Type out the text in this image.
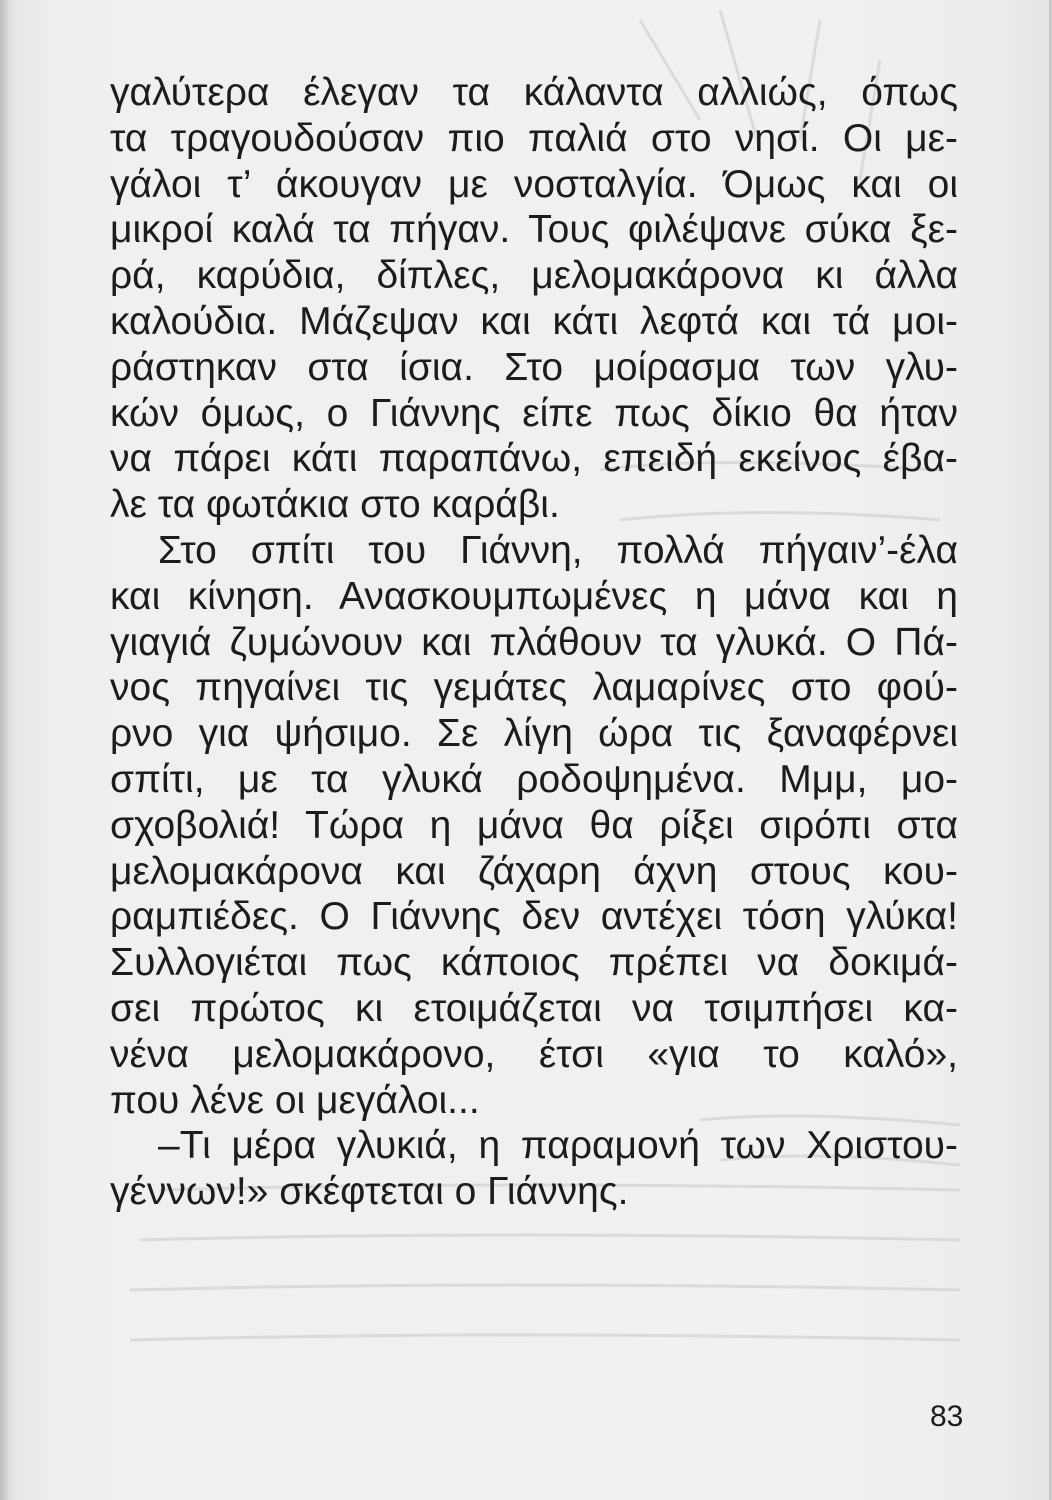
γαλύτερα έλεγαν τα κάλαντα αλλιώς, όπως
τα τραγουδούσαν πιο παλιά στο νησί. Οι με-
γάλοι τ’ άκουγαν με νοσταλγία. Όμως και οι
μικροί καλά τα πήγαν. Τους φιλέψανε σύκα ξε-
ρά, καρύδια, δίπλες, μελομακάρονα κι άλλα
καλούδια. Μάζεψαν και κάτι λεφτά και τά μοι-
ράστηκαν στα ίσια. Στο μοίρασμα των γλυ-
κών όμως, ο Γιάννης είπε πως δίκιο θα ήταν
να πάρει κάτι παραπάνω, επειδή εκείνος έβα-
λε τα φωτάκια στο καράβι.
Στο σπίτι του Γιάννη, πολλά πήγαιν’-έλα
και κίνηση. Ανασκουμπωμένες η μάνα και η
γιαγιά ζυμώνουν και πλάθουν τα γλυκά. Ο Πά-
νος πηγαίνει τις γεμάτες λαμαρίνες στο φού-
ρνο για ψήσιμο. Σε λίγη ώρα τις ξαναφέρνει
σπίτι, με τα γλυκά ροδοψημένα. Μμμ, μο-
σχοβολιά! Τώρα η μάνα θα ρίξει σιρόπι στα
μελομακάρονα και ζάχαρη άχνη στους κου-
ραμπιέδες. Ο Γιάννης δεν αντέχει τόση γλύκα!
Συλλογιέται πως κάποιος πρέπει να δοκιμά-
σει πρώτος κι ετοιμάζεται να τσιμπήσει κα-
νένα μελομακάρονο, έτσι «για το καλό»,
που λένε οι μεγάλοι...
–Τι μέρα γλυκιά, η παραμονή των Χριστου-
γέννων!» σκέφτεται ο Γιάννης.
83
